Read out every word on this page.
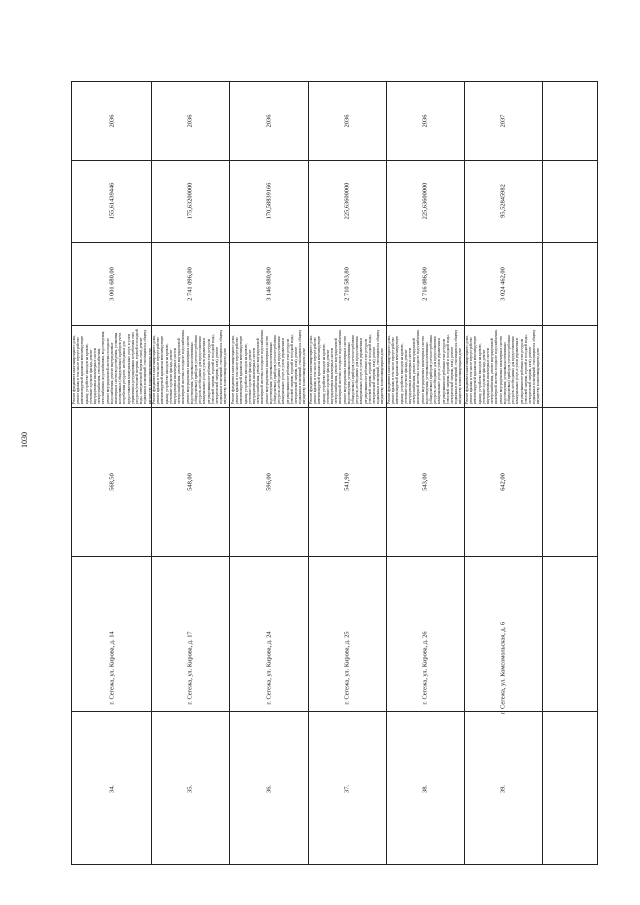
1030
2036
155,61439446
3 001 680,00
Ремонт фундамента многоквартирного дома, ремонт крыши, в том числе переустройство невентилируемой крыши на вентилируемую крышу, устройство выходов на кровлю, утепление и ремонт фасада, ремонт внутридомовых инженерных систем электроснабжения, теплоснабжения, газоснабжения, водоснабжения, водоотведения, ремонт внутридомовой системы холодного водоснабжения, ремонт внутридомовых инженерных систем водоотведения, установка коллективных (общедомовых) приборов учета потребления ресурсов, необходимых для предоставления коммунальных услуг, и узлов управления и регулирования потребления этих ресурсов (тепловой энергии, горячей и холодной воды, электрической энергии, газа), ремонт подвальных помещений, относящихся к общему имуществу в многоквартирном доме
568,50
г. Сегежа, ул. Кирова, д. 14
34.
2036
175,63200000
2 741 096,00
Ремонт фундамента многоквартирного дома, ремонт крыши, в том числе переустройство невентилируемой крыши на вентилируемую крышу, устройство выходов на кровлю, утепление и ремонт фасада, ремонт внутридомовых инженерных систем электроснабжения, ремонт внутридомовой инженерной системы холодного водоснабжения, ремонт внутридомовых инженерных систем водоотведения, установка коллективных (общедомовых) приборов учета потребления ресурсов, необходимых для предоставления коммунальных услуг, и узлов управления и регулирования потребления этих ресурсов (тепловой энергии, горячей и холодной воды, электрической энергии, газа), ремонт подвальных помещений, относящихся к общему имуществу в многоквартирном доме
548,00
г. Сегежа, ул. Кирова, д. 17
35.
2036
170,58839166
3 146 880,00
Ремонт фундамента многоквартирного дома, ремонт крыши, в том числе переустройство невентилируемой крыши на вентилируемую крышу, устройство выходов на кровлю, утепление и ремонт фасада, ремонт внутридомовых инженерных систем электроснабжения, ремонт внутридомовой инженерной системы холодного водоснабжения, ремонт внутридомовых инженерных систем водоотведения, установка коллективных (общедомовых) приборов учета потребления ресурсов, необходимых для предоставления коммунальных услуг, и узлов управления и регулирования потребления этих ресурсов (тепловой энергии, горячей и холодной воды, электрической энергии, газа), ремонт подвальных помещений, относящихся к общему имуществу в многоквартирном доме
596,00
г. Сегежа, ул. Кирова, д. 24
36.
2036
225,63600000
2 710 583,80
Ремонт фундамента многоквартирного дома, ремонт крыши, в том числе переустройство невентилируемой крыши на вентилируемую крышу, устройство выходов на кровлю, утепление и ремонт фасада, ремонт внутридомовых инженерных систем электроснабжения, ремонт внутридомовой инженерной системы холодного водоснабжения, ремонт внутридомовых инженерных систем водоотведения, установка коллективных (общедомовых) приборов учета потребления ресурсов, необходимых для предоставления коммунальных услуг, и узлов управления и регулирования потребления этих ресурсов (тепловой энергии, горячей и холодной воды, электрической энергии, газа), ремонт подвальных помещений, относящихся к общему имуществу в многоквартирном доме
541,90
г. Сегежа, ул. Кирова, д. 25
37.
2036
225,63600000
2 716 086,00
Ремонт фундамента многоквартирного дома, ремонт крыши, в том числе переустройство невентилируемой крыши на вентилируемую крышу, устройство выходов на кровлю, утепление и ремонт фасада, ремонт внутридомовых инженерных систем электроснабжения, ремонт внутридомовой инженерной системы холодного водоснабжения, ремонт внутридомовых инженерных систем водоотведения, установка коллективных (общедомовых) приборов учета потребления ресурсов, необходимых для предоставления коммунальных услуг, и узлов управления и регулирования потребления этих ресурсов (тепловой энергии, горячей и холодной воды, электрической энергии, газа), ремонт подвальных помещений, относящихся к общему имуществу в многоквартирном доме
543,00
г. Сегежа, ул. Кирова, д. 26
38.
2037
95,52845982
3 024 462,00
Ремонт фундамента многоквартирного дома, ремонт крыши, в том числе переустройство невентилируемой крыши на вентилируемую крышу, устройство выходов на кровлю, утепление и ремонт фасада, ремонт внутридомовых инженерных систем электроснабжения, ремонт внутридомовой инженерной системы холодного водоснабжения, ремонт внутридомовых инженерных систем водоотведения, установка коллективных (общедомовых) приборов учета потребления ресурсов, необходимых для предоставления коммунальных услуг, и узлов управления и регулирования потребления этих ресурсов (тепловой энергии, горячей и холодной воды, электрической энергии, газа), ремонт подвальных помещений, относящихся к общему имуществу в многоквартирном доме
642,00
г. Сегежа, ул. Комсомольская, д. 6
39.
